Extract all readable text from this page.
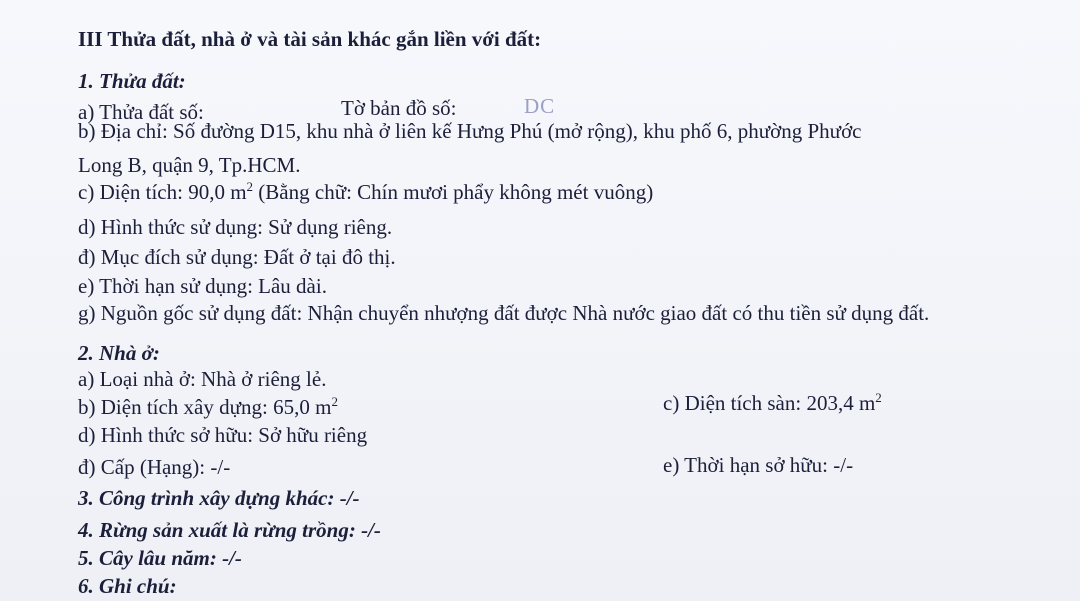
III Thửa đất, nhà ở và tài sản khác gắn liền với đất:
1. Thửa đất:
a) Thửa đất số:	Tờ bản đồ số:	DC
b) Địa chỉ: Số đường D15, khu nhà ở liên kế Hưng Phú (mở rộng), khu phố 6, phường Phước
Long B, quận 9, Tp.HCM.
c) Diện tích: 90,0 $m^2$ (Bằng chữ: Chín mươi phẩy không mét vuông)
d) Hình thức sử dụng: Sử dụng riêng.
đ) Mục đích sử dụng: Đất ở tại đô thị.
e) Thời hạn sử dụng: Lâu dài.
g) Nguồn gốc sử dụng đất: Nhận chuyển nhượng đất được Nhà nước giao đất có thu tiền sử dụng đất.
2. Nhà ở:
a) Loại nhà ở: Nhà ở riêng lẻ.
b) Diện tích xây dựng: 65,0 $m^2$	c) Diện tích sàn: 203,4 $m^2$
d) Hình thức sở hữu: Sở hữu riêng
đ) Cấp (Hạng): -/-	e) Thời hạn sở hữu: -/-
3. Công trình xây dựng khác: -/-
4. Rừng sản xuất là rừng trồng: -/-
5. Cây lâu năm: -/-
6. Ghi chú:
